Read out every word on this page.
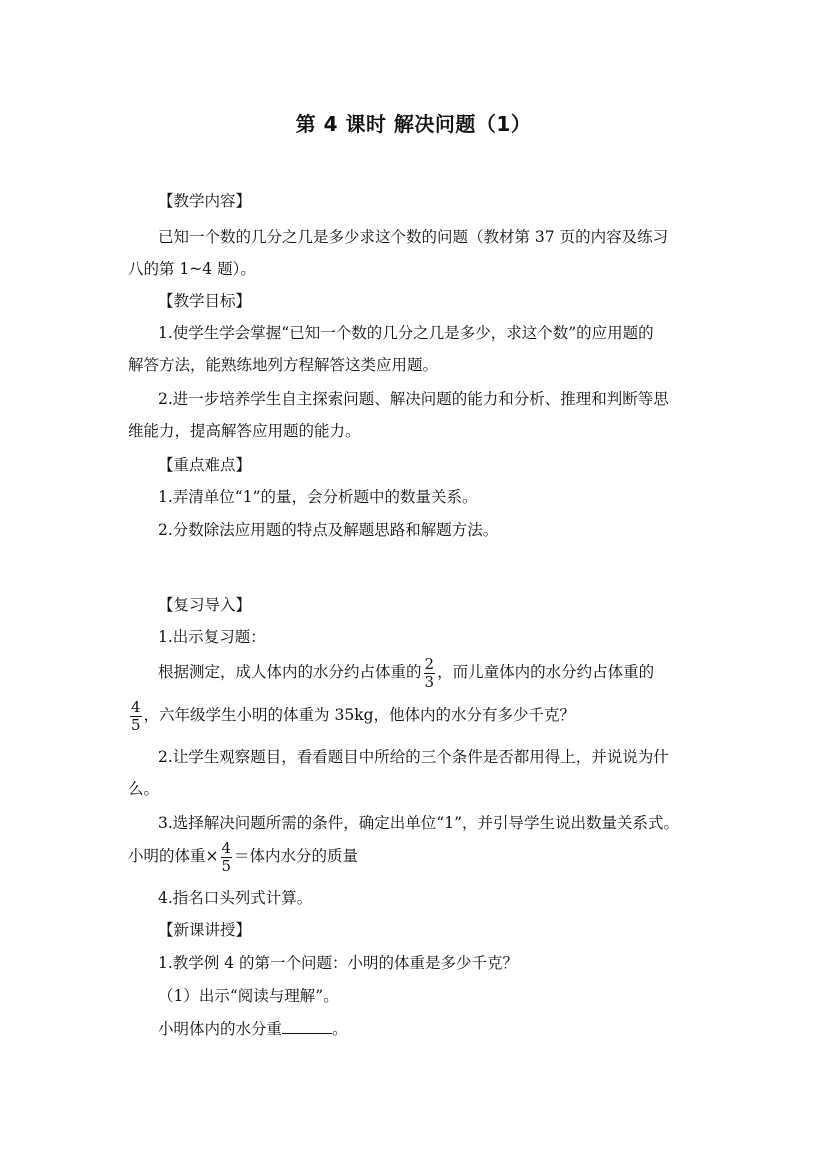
第 4 课时 解决问题（1）
【教学内容】
已知一个数的几分之几是多少求这个数的问题（教材第 37 页的内容及练习
八的第 1~4 题）。
【教学目标】
1.使学生学会掌握“已知一个数的几分之几是多少，求这个数”的应用题的
解答方法，能熟练地列方程解答这类应用题。
2.进一步培养学生自主探索问题、解决问题的能力和分析、推理和判断等思
维能力，提高解答应用题的能力。
【重点难点】
1.弄清单位“1”的量，会分析题中的数量关系。
2.分数除法应用题的特点及解题思路和解题方法。
【复习导入】
1.出示复习题：
根据测定，成人体内的水分约占体重的 $\frac{2}{3}$ ，而儿童体内的水分约占体重的
$\frac{4}{5}$ ，六年级学生小明的体重为 35kg，他体内的水分有多少千克？
2.让学生观察题目，看看题目中所给的三个条件是否都用得上，并说说为什
么。
3.选择解决问题所需的条件，确定出单位“1”，并引导学生说出数量关系式。
小明的体重× $\frac{4}{5}$ ＝体内水分的质量
4.指名口头列式计算。
【新课讲授】
1.教学例 4 的第一个问题：小明的体重是多少千克？
（1）出示“阅读与理解”。
小明体内的水分重	。
